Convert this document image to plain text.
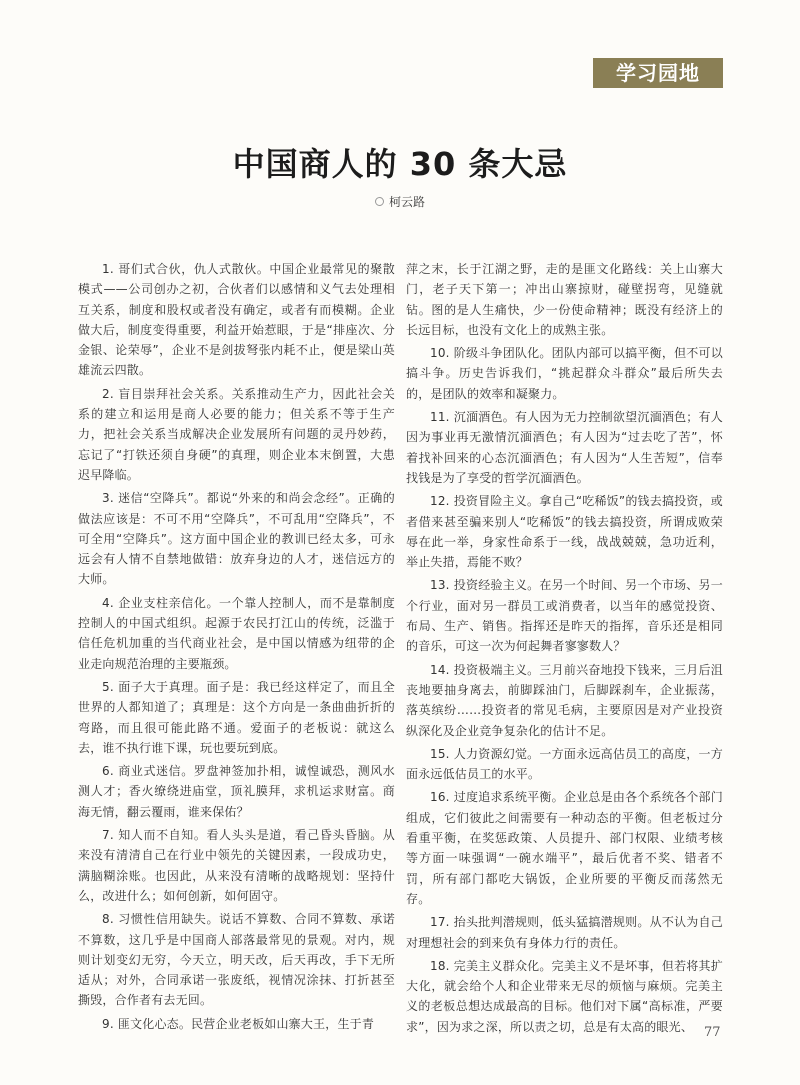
学习园地
中国商人的 30 条大忌
柯云路

1. 哥们式合伙，仇人式散伙。中国企业最常见的聚散模式——公司创办之初，合伙者们以感情和义气去处理相互关系，制度和股权或者没有确定，或者有而模糊。企业做大后，制度变得重要，利益开始惹眼，于是“排座次、分金银、论荣辱”，企业不是剑拔弩张内耗不止，便是梁山英雄流云四散。

2. 盲目崇拜社会关系。关系推动生产力，因此社会关系的建立和运用是商人必要的能力；但关系不等于生产力，把社会关系当成解决企业发展所有问题的灵丹妙药，忘记了“打铁还须自身硬”的真理，则企业本末倒置，大患迟早降临。

3. 迷信“空降兵”。都说“外来的和尚会念经”。正确的做法应该是：不可不用“空降兵”，不可乱用“空降兵”，不可全用“空降兵”。这方面中国企业的教训已经太多，可永远会有人情不自禁地做错：放弃身边的人才，迷信远方的大师。

4. 企业支柱亲信化。一个靠人控制人，而不是靠制度控制人的中国式组织。起源于农民打江山的传统，泛滥于信任危机加重的当代商业社会，是中国以情感为纽带的企业走向规范治理的主要瓶颈。

5. 面子大于真理。面子是：我已经这样定了，而且全世界的人都知道了；真理是：这个方向是一条曲曲折折的弯路，而且很可能此路不通。爱面子的老板说：就这么去，谁不执行谁下课，玩也要玩到底。

6. 商业式迷信。罗盘神签加扑相，诚惶诚恐，测风水测人才；香火缭绕进庙堂，顶礼膜拜，求机运求财富。商海无情，翻云覆雨，谁来保佑？

7. 知人而不自知。看人头头是道，看己昏头昏脑。从来没有清清自己在行业中领先的关键因素，一段成功史，满脑糊涂账。也因此，从来没有清晰的战略规划：坚持什么，改进什么；如何创新，如何固守。

8. 习惯性信用缺失。说话不算数、合同不算数、承诺不算数，这几乎是中国商人部落最常见的景观。对内，规则计划变幻无穷，今天立，明天改，后天再改，手下无所适从；对外，合同承诺一张废纸，视情况涂抹、打折甚至撕毁，合作者有去无回。

9. 匪文化心态。民营企业老板如山寨大王，生于青

萍之末，长于江湖之野，走的是匪文化路线：关上山寨大门，老子天下第一；冲出山寨掠财，碰壁拐弯，见缝就钻。图的是人生痛快，少一份使命精神；既没有经济上的长远目标，也没有文化上的成熟主张。

10. 阶级斗争团队化。团队内部可以搞平衡，但不可以搞斗争。历史告诉我们，“挑起群众斗群众”最后所失去的，是团队的效率和凝聚力。

11. 沉湎酒色。有人因为无力控制欲望沉湎酒色；有人因为事业再无激情沉湎酒色；有人因为“过去吃了苦”，怀着找补回来的心态沉湎酒色；有人因为“人生苦短”，信奉找钱是为了享受的哲学沉湎酒色。

12. 投资冒险主义。拿自己“吃稀饭”的钱去搞投资，或者借来甚至骗来别人“吃稀饭”的钱去搞投资，所谓成败荣辱在此一举，身家性命系于一线，战战兢兢，急功近利，举止失措，焉能不败？

13. 投资经验主义。在另一个时间、另一个市场、另一个行业，面对另一群员工或消费者，以当年的感觉投资、布局、生产、销售。指挥还是昨天的指挥，音乐还是相同的音乐，可这一次为何起舞者寥寥数人？

14. 投资极端主义。三月前兴奋地投下钱来，三月后沮丧地要抽身离去，前脚踩油门，后脚踩刹车，企业振荡，落英缤纷……投资者的常见毛病，主要原因是对产业投资纵深化及企业竞争复杂化的估计不足。

15. 人力资源幻觉。一方面永远高估员工的高度，一方面永远低估员工的水平。

16. 过度追求系统平衡。企业总是由各个系统各个部门组成，它们彼此之间需要有一种动态的平衡。但老板过分看重平衡，在奖惩政策、人员提升、部门权限、业绩考核等方面一味强调“一碗水端平”，最后优者不奖、错者不罚，所有部门都吃大锅饭，企业所要的平衡反而荡然无存。

17. 抬头批判潜规则，低头猛搞潜规则。从不认为自己对理想社会的到来负有身体力行的责任。

18. 完美主义群众化。完美主义不是坏事，但若将其扩大化，就会给个人和企业带来无尽的烦恼与麻烦。完美主义的老板总想达成最高的目标。他们对下属“高标准，严要求”，因为求之深，所以责之切，总是有太高的眼光、 77
